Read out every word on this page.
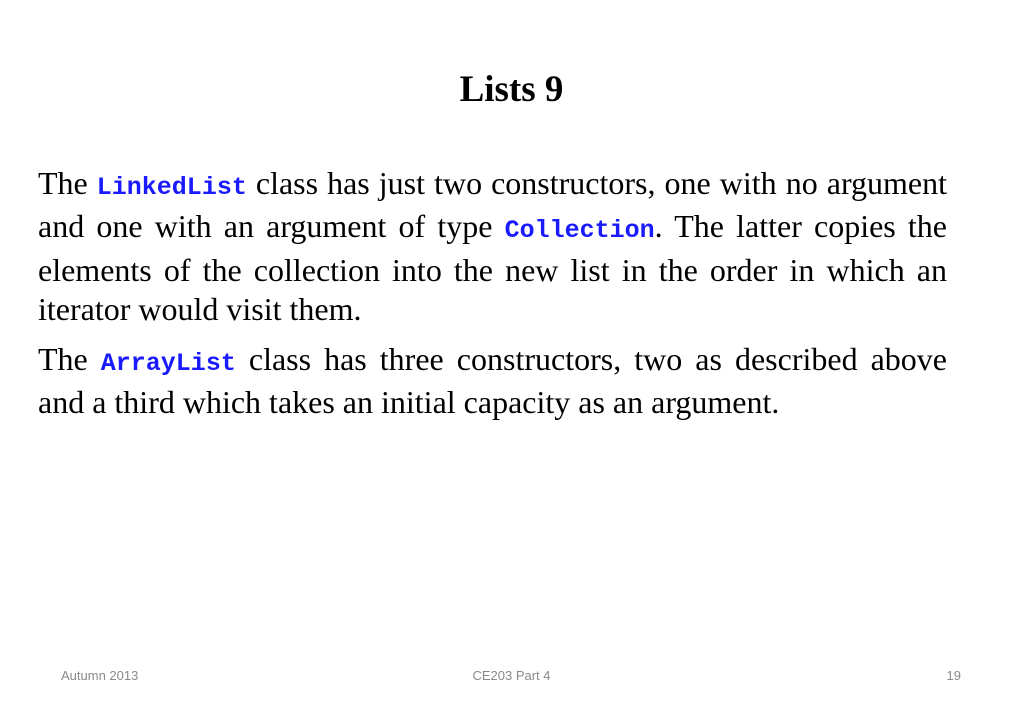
Lists 9

The LinkedList class has just two constructors, one with no argument and one with an argument of type Collection. The latter copies the elements of the collection into the new list in the order in which an iterator would visit them.

The ArrayList class has three constructors, two as described above and a third which takes an initial capacity as an argument.

Autumn 2013	CE203 Part 4	19
